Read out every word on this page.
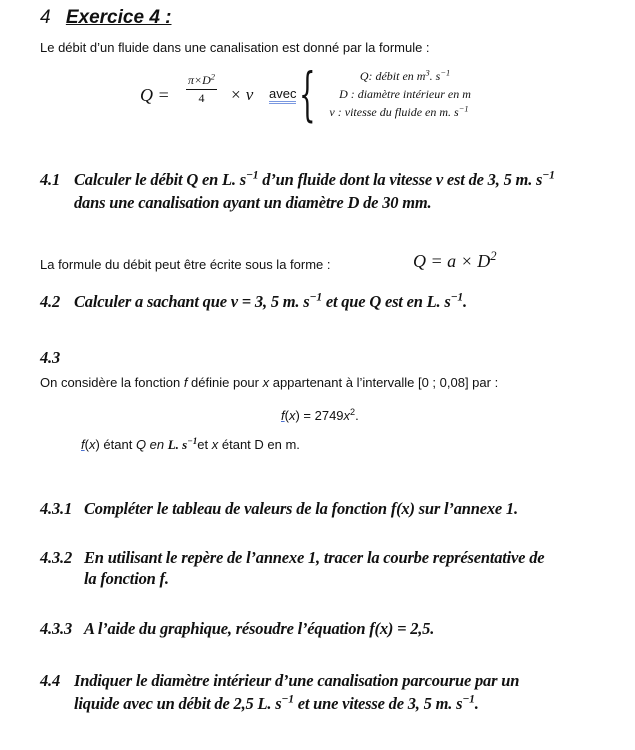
4 Exercice 4 :
Le débit d’un fluide dans une canalisation est donné par la formule :
$Q = \frac{\pi\times D^2}{4} \times v$ avec {	Q: débit en $m^3$. $s^{-1}$
D : diamètre intérieur en m
v : vitesse du fluide en m. $s^{-1}$
4.1 Calculer le débit Q en L. $s^{-1}$ d’un fluide dont la vitesse v est de 3, 5 m. $s^{-1}$
dans une canalisation ayant un diamètre D de 30 mm.
La formule du débit peut être écrite sous la forme :	$Q = a \times D^2$
4.2 Calculer a sachant que v = 3, 5 m. $s^{-1}$ et que Q est en L. $s^{-1}$.
4.3
On considère la fonction f définie pour x appartenant à l’intervalle [0 ; 0,08] par :
$f(x) = 2749x^2$.
f(x) étant Q en L. $s^{-1}et$ x étant D en m.
4.3.1 Compléter le tableau de valeurs de la fonction f(x) sur l’annexe 1.
4.3.2 En utilisant le repère de l’annexe 1, tracer la courbe représentative de
la fonction f.
4.3.3 A l’aide du graphique, résoudre l’équation f(x) = 2,5.
4.4 Indiquer le diamètre intérieur d’une canalisation parcourue par un
liquide avec un débit de 2,5 L. $s^{-1}$ et une vitesse de 3, 5 m. $s^{-1}$.
